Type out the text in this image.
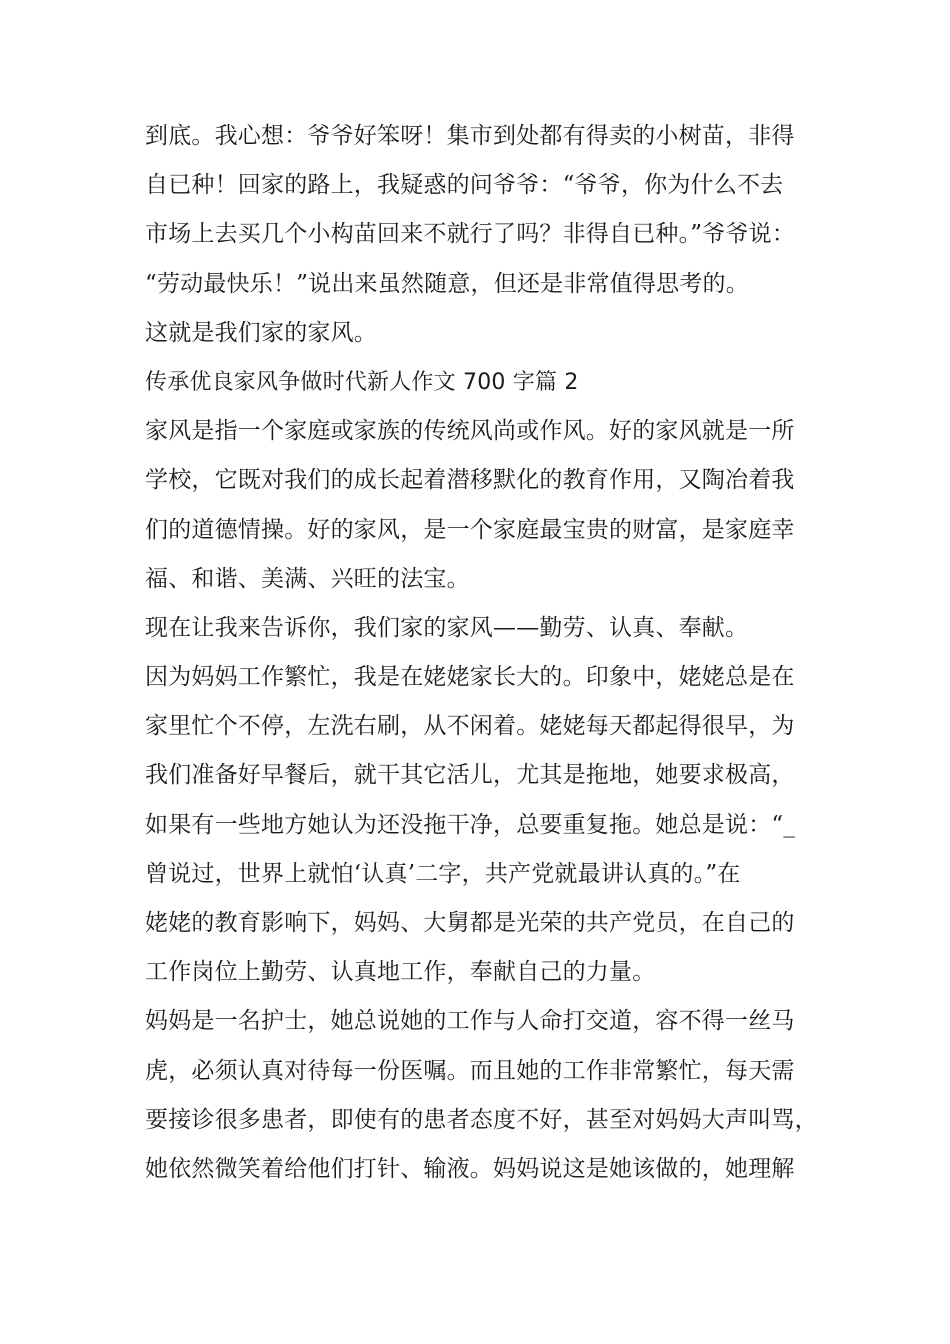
到底。我心想：爷爷好笨呀！集市到处都有得卖的小树苗，非得
自已种！回家的路上，我疑惑的问爷爷：“爷爷，你为什么不去
市场上去买几个小构苗回来不就行了吗？非得自已种。”爷爷说：
“劳动最快乐！”说出来虽然随意，但还是非常值得思考的。
这就是我们家的家风。
传承优良家风争做时代新人作文 700 字篇 2
家风是指一个家庭或家族的传统风尚或作风。好的家风就是一所
学校，它既对我们的成长起着潜移默化的教育作用，又陶冶着我
们的道德情操。好的家风，是一个家庭最宝贵的财富，是家庭幸
福、和谐、美满、兴旺的法宝。
现在让我来告诉你，我们家的家风——勤劳、认真、奉献。
因为妈妈工作繁忙，我是在姥姥家长大的。印象中，姥姥总是在
家里忙个不停，左洗右刷，从不闲着。姥姥每天都起得很早，为
我们准备好早餐后，就干其它活儿，尤其是拖地，她要求极高，
如果有一些地方她认为还没拖干净，总要重复拖。她总是说：“_
曾说过，世界上就怕‘认真’二字，共产党就最讲认真的。”在
姥姥的教育影响下，妈妈、大舅都是光荣的共产党员，在自己的
工作岗位上勤劳、认真地工作，奉献自己的力量。
妈妈是一名护士，她总说她的工作与人命打交道，容不得一丝马
虎，必须认真对待每一份医嘱。而且她的工作非常繁忙，每天需
要接诊很多患者，即使有的患者态度不好，甚至对妈妈大声叫骂，
她依然微笑着给他们打针、输液。妈妈说这是她该做的，她理解
